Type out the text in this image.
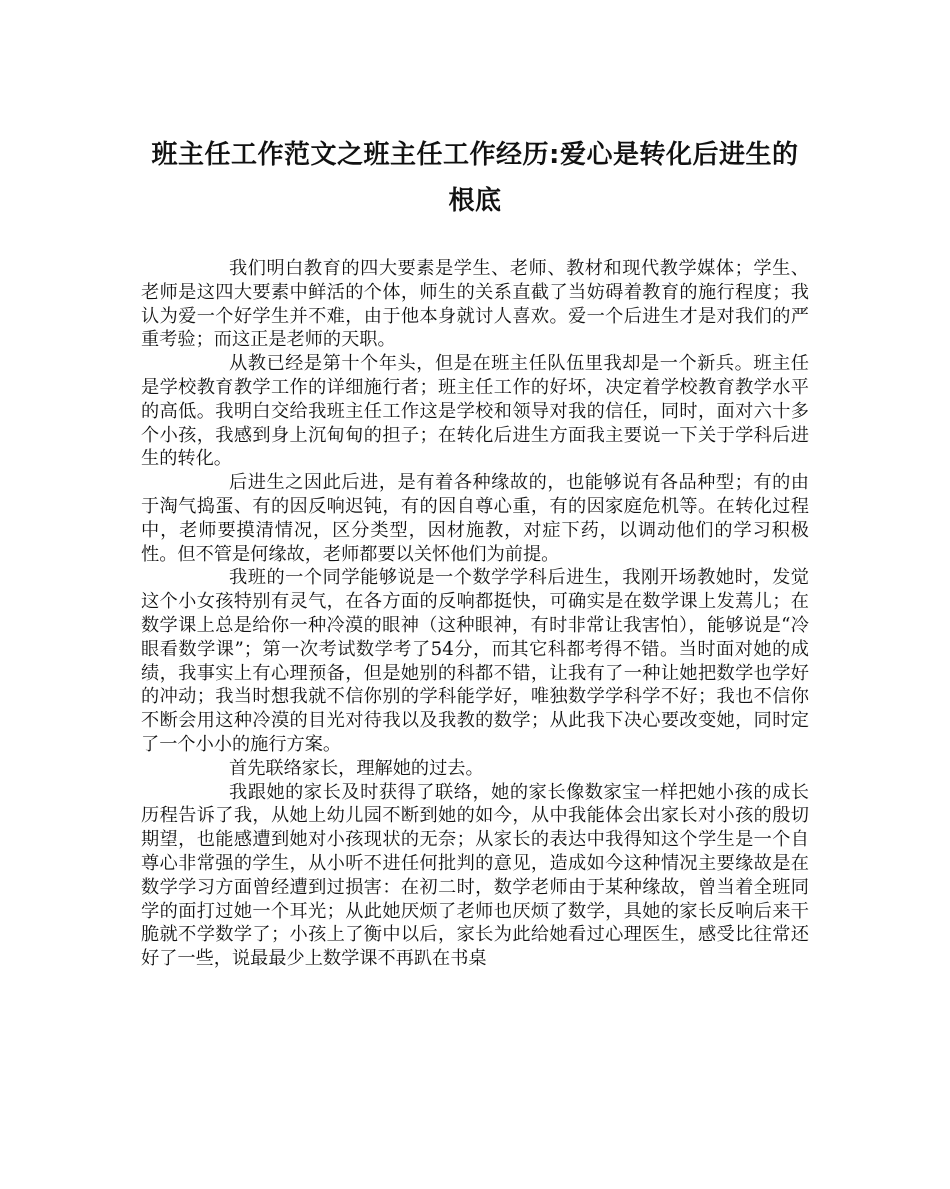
班主任工作范文之班主任工作经历:爱心是转化后进生的根底

我们明白教育的四大要素是学生、老师、教材和现代教学媒体；学生、老师是这四大要素中鲜活的个体，师生的关系直截了当妨碍着教育的施行程度；我认为爱一个好学生并不难，由于他本身就讨人喜欢。爱一个后进生才是对我们的严重考验；而这正是老师的天职。

从教已经是第十个年头，但是在班主任队伍里我却是一个新兵。班主任是学校教育教学工作的详细施行者；班主任工作的好坏，决定着学校教育教学水平的高低。我明白交给我班主任工作这是学校和领导对我的信任，同时，面对六十多个小孩，我感到身上沉甸甸的担子；在转化后进生方面我主要说一下关于学科后进生的转化。

后进生之因此后进，是有着各种缘故的，也能够说有各品种型；有的由于淘气捣蛋、有的因反响迟钝，有的因自尊心重，有的因家庭危机等。在转化过程中，老师要摸清情况，区分类型，因材施教，对症下药，以调动他们的学习积极性。但不管是何缘故，老师都要以关怀他们为前提。

我班的一个同学能够说是一个数学学科后进生，我刚开场教她时，发觉这个小女孩特别有灵气，在各方面的反响都挺快，可确实是在数学课上发蔫儿；在数学课上总是给你一种冷漠的眼神（这种眼神，有时非常让我害怕），能够说是“冷眼看数学课”；第一次考试数学考了54分，而其它科都考得不错。当时面对她的成绩，我事实上有心理预备，但是她别的科都不错，让我有了一种让她把数学也学好的冲动；我当时想我就不信你别的学科能学好，唯独数学学科学不好；我也不信你不断会用这种冷漠的目光对待我以及我教的数学；从此我下决心要改变她，同时定了一个小小的施行方案。

首先联络家长，理解她的过去。

我跟她的家长及时获得了联络，她的家长像数家宝一样把她小孩的成长历程告诉了我，从她上幼儿园不断到她的如今，从中我能体会出家长对小孩的殷切期望，也能感遭到她对小孩现状的无奈；从家长的表达中我得知这个学生是一个自尊心非常强的学生，从小听不进任何批判的意见，造成如今这种情况主要缘故是在数学学习方面曾经遭到过损害：在初二时，数学老师由于某种缘故，曾当着全班同学的面打过她一个耳光；从此她厌烦了老师也厌烦了数学，具她的家长反响后来干脆就不学数学了；小孩上了衡中以后，家长为此给她看过心理医生，感受比往常还好了一些，说最最少上数学课不再趴在书桌
